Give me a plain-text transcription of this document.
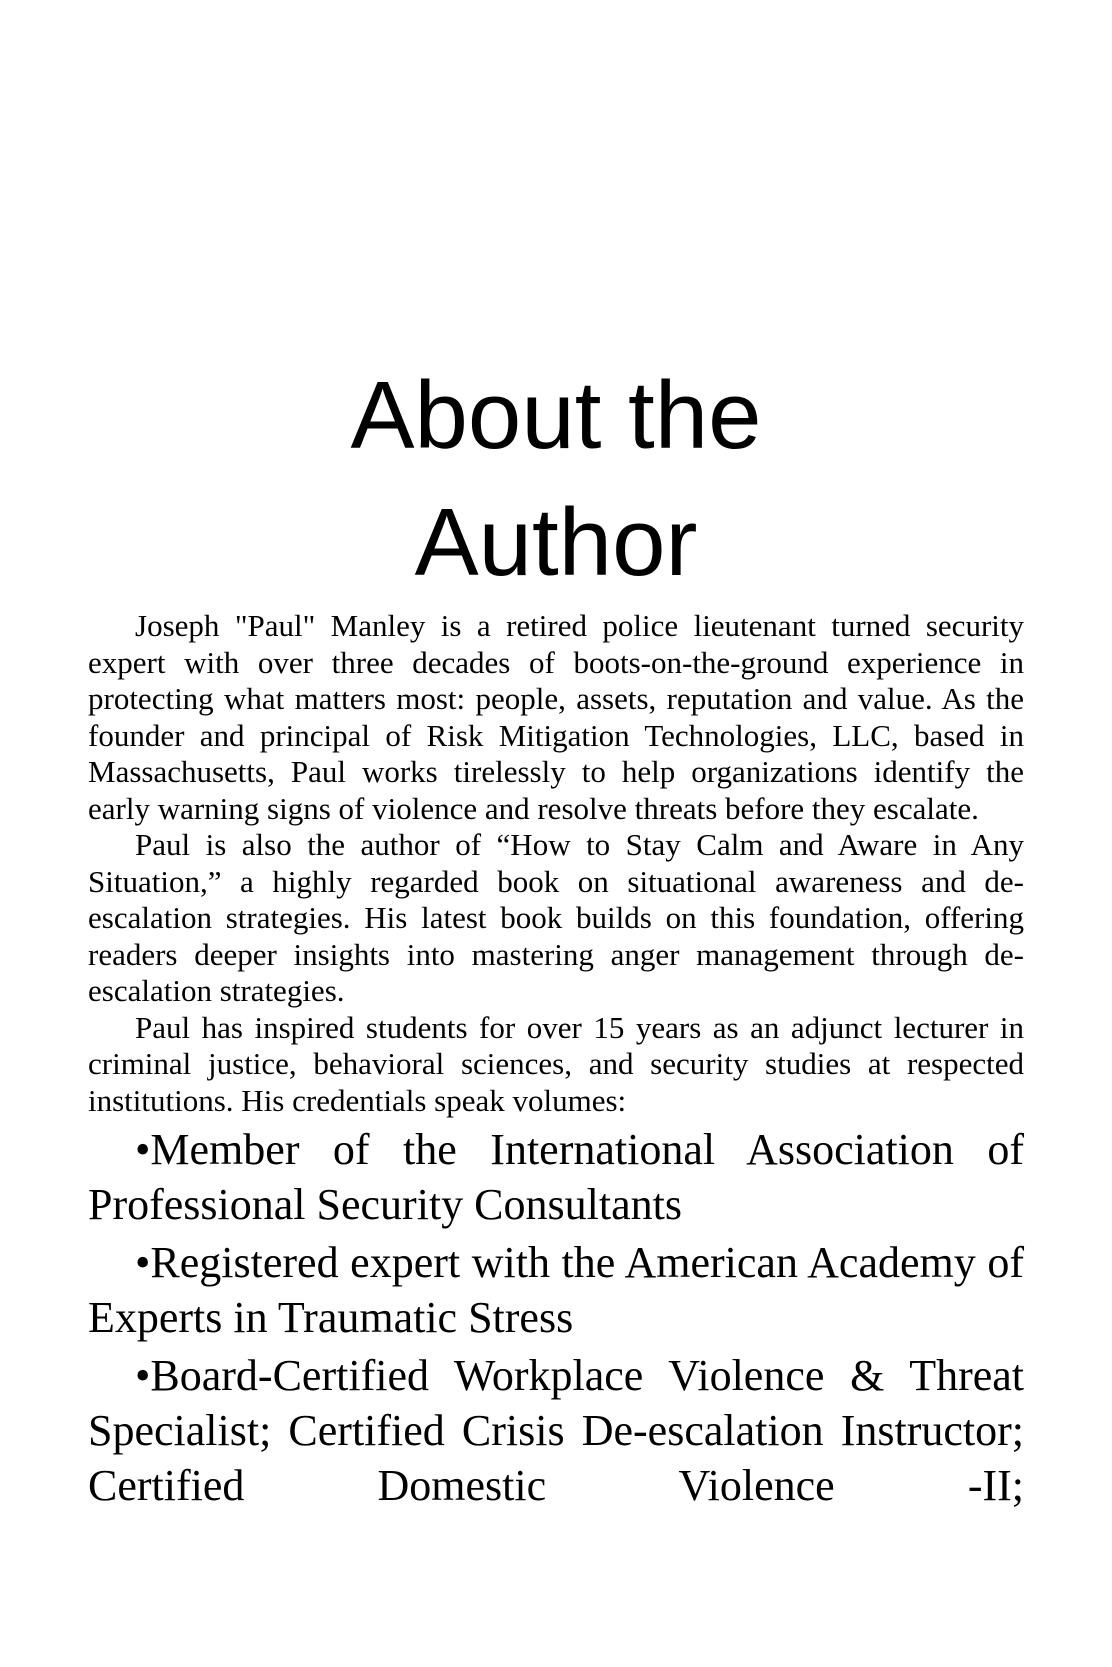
About the Author

Joseph "Paul" Manley is a retired police lieutenant turned security expert with over three decades of boots-on-the-ground experience in protecting what matters most: people, assets, reputation and value. As the founder and principal of Risk Mitigation Technologies, LLC, based in Massachusetts, Paul works tirelessly to help organizations identify the early warning signs of violence and resolve threats before they escalate.

Paul is also the author of “How to Stay Calm and Aware in Any Situation,” a highly regarded book on situational awareness and de-escalation strategies. His latest book builds on this foundation, offering readers deeper insights into mastering anger management through de-escalation strategies.

Paul has inspired students for over 15 years as an adjunct lecturer in criminal justice, behavioral sciences, and security studies at respected institutions. His credentials speak volumes:

•Member of the International Association of Professional Security Consultants

•Registered expert with the American Academy of Experts in Traumatic Stress

•Board-Certified Workplace Violence & Threat Specialist; Certified Crisis De-escalation Instructor; Certified Domestic Violence -II;
